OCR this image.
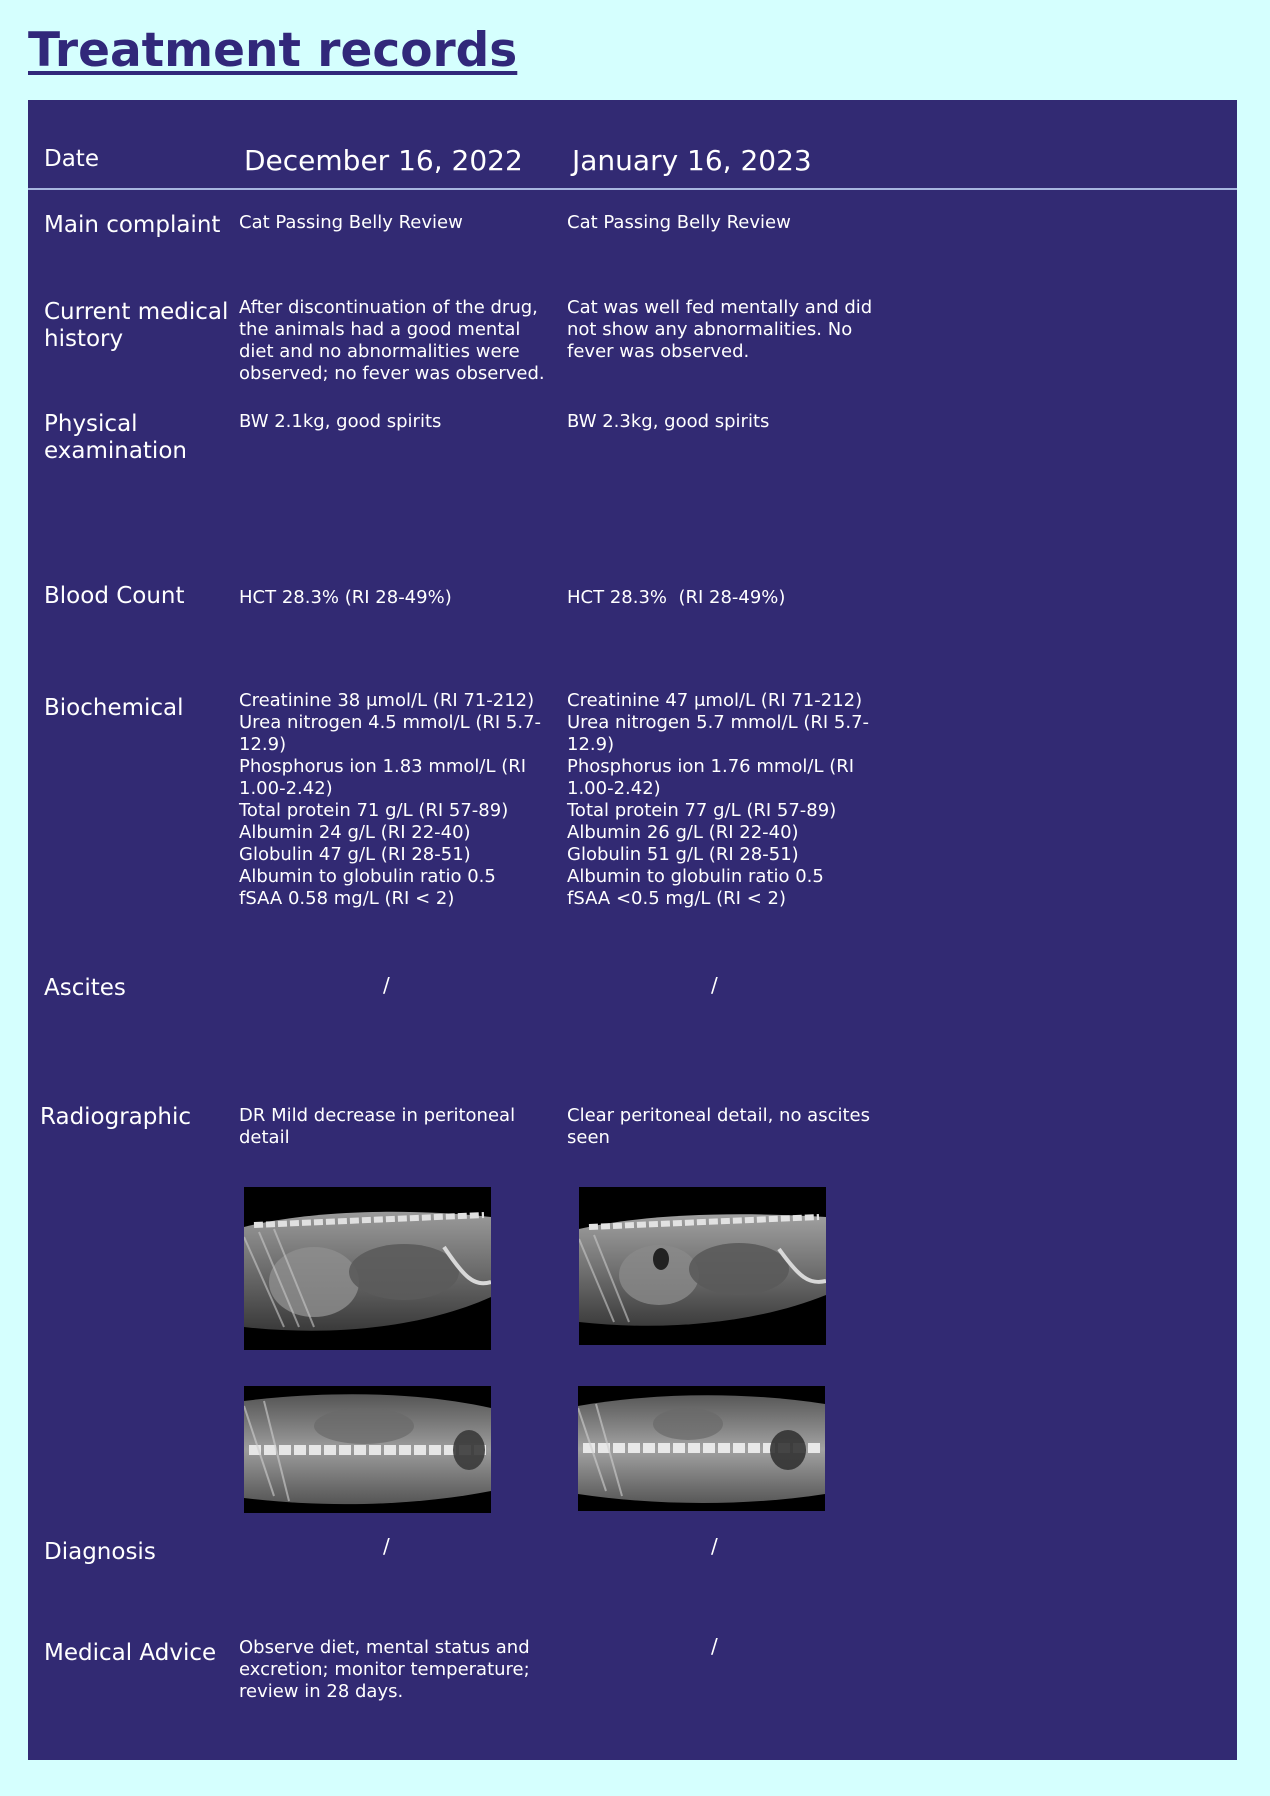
Treatment records
Date
Main complaint
Current medical history
Physical examination
Blood Count
Biochemical
Ascites
Radiographic
Diagnosis
Medical Advice
December 16, 2022
Cat Passing Belly Review
After discontinuation of the drug, the animals had a good mental diet and no abnormalities were observed; no fever was observed.
BW 2.1kg, good spirits
HCT 28.3% (RI 28-49%)
Creatinine 38 μmol/L (RI 71-212)
Urea nitrogen 4.5 mmol/L (RI 5.7-12.9)
Phosphorus ion 1.83 mmol/L (RI 1.00-2.42)
Total protein 71 g/L (RI 57-89)
Albumin 24 g/L (RI 22-40)
Globulin 47 g/L (RI 28-51)
Albumin to globulin ratio 0.5
fSAA 0.58 mg/L (RI < 2)
/
DR Mild decrease in peritoneal detail
/
Observe diet, mental status and excretion; monitor temperature; review in 28 days.
January 16, 2023
Cat Passing Belly Review
Cat was well fed mentally and did not show any abnormalities. No fever was observed.
BW 2.3kg, good spirits
HCT 28.3%  (RI 28-49%)
Creatinine 47 μmol/L (RI 71-212)
Urea nitrogen 5.7 mmol/L (RI 5.7-12.9)
Phosphorus ion 1.76 mmol/L (RI 1.00-2.42)
Total protein 77 g/L (RI 57-89)
Albumin 26 g/L (RI 22-40)
Globulin 51 g/L (RI 28-51)
Albumin to globulin ratio 0.5
fSAA <0.5 mg/L (RI < 2)
/
Clear peritoneal detail, no ascites seen
/
/
